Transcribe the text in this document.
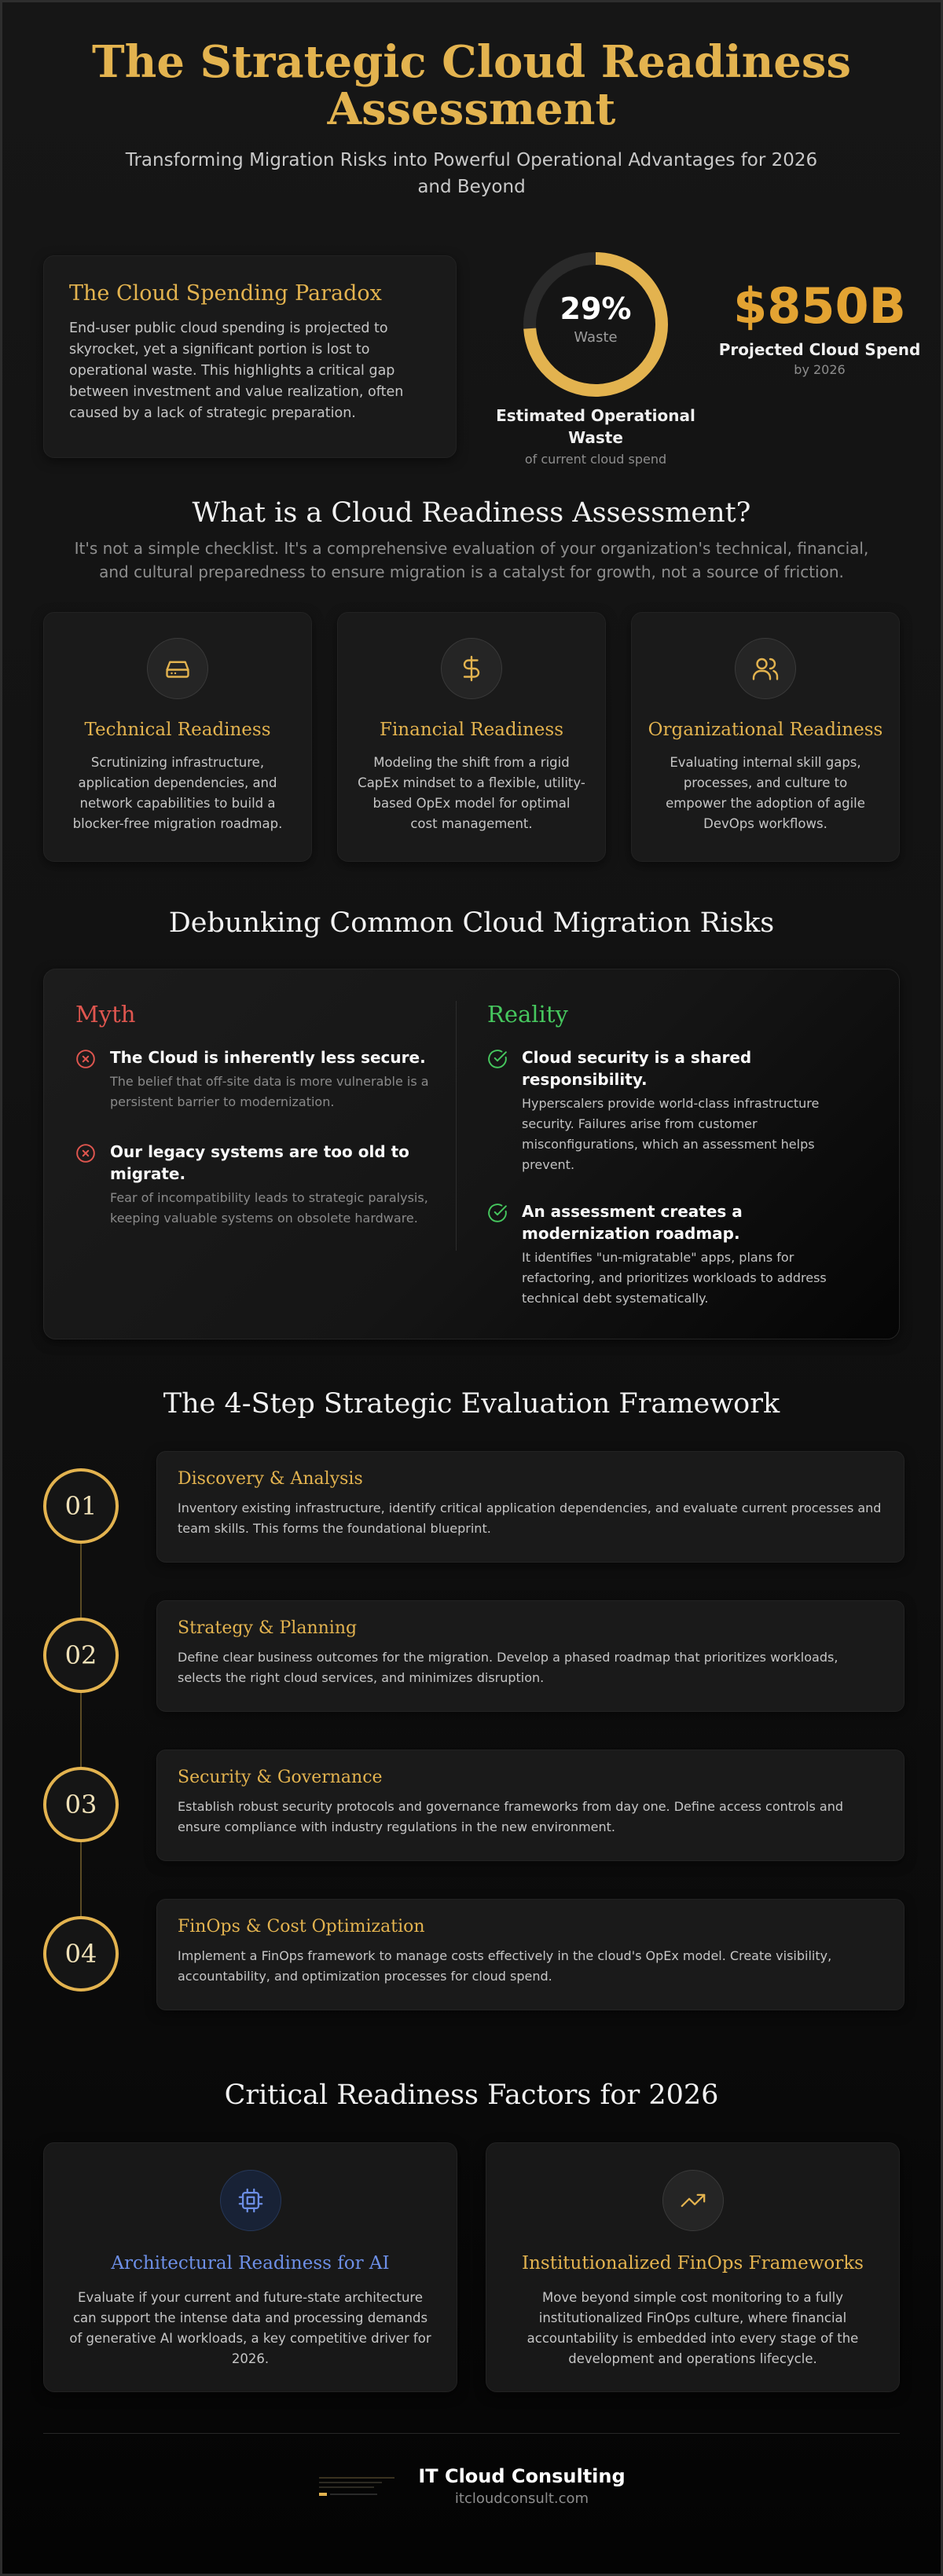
The Strategic Cloud Readiness Assessment

Transforming Migration Risks into Powerful Operational Advantages for 2026 and Beyond

The Cloud Spending Paradox

End-user public cloud spending is projected to skyrocket, yet a significant portion is lost to operational waste. This highlights a critical gap between investment and value realization, often caused by a lack of strategic preparation.

29%
Waste
Estimated Operational Waste
of current cloud spend
$850B
Projected Cloud Spend
by 2026
What is a Cloud Readiness Assessment?

It's not a simple checklist. It's a comprehensive evaluation of your organization's technical, financial, and cultural preparedness to ensure migration is a catalyst for growth, not a source of friction.

Technical Readiness

Scrutinizing infrastructure, application dependencies, and network capabilities to build a blocker-free migration roadmap.

Financial Readiness

Modeling the shift from a rigid CapEx mindset to a flexible, utility-based OpEx model for optimal cost management.

Organizational Readiness

Evaluating internal skill gaps, processes, and culture to empower the adoption of agile DevOps workflows.

Debunking Common Cloud Migration Risks
Myth
The Cloud is inherently less secure.
The belief that off-site data is more vulnerable is a persistent barrier to modernization.
Our legacy systems are too old to migrate.
Fear of incompatibility leads to strategic paralysis, keeping valuable systems on obsolete hardware.
Reality
Cloud security is a shared responsibility.
Hyperscalers provide world-class infrastructure security. Failures arise from customer misconfigurations, which an assessment helps prevent.
An assessment creates a modernization roadmap.
It identifies "un-migratable" apps, plans for refactoring, and prioritizes workloads to address technical debt systematically.
The 4-Step Strategic Evaluation Framework
01
Discovery & Analysis

Inventory existing infrastructure, identify critical application dependencies, and evaluate current processes and team skills. This forms the foundational blueprint.

02
Strategy & Planning

Define clear business outcomes for the migration. Develop a phased roadmap that prioritizes workloads, selects the right cloud services, and minimizes disruption.

03
Security & Governance

Establish robust security protocols and governance frameworks from day one. Define access controls and ensure compliance with industry regulations in the new environment.

04
FinOps & Cost Optimization

Implement a FinOps framework to manage costs effectively in the cloud's OpEx model. Create visibility, accountability, and optimization processes for cloud spend.

Critical Readiness Factors for 2026
Architectural Readiness for AI

Evaluate if your current and future-state architecture can support the intense data and processing demands of generative AI workloads, a key competitive driver for 2026.

Institutionalized FinOps Frameworks

Move beyond simple cost monitoring to a fully institutionalized FinOps culture, where financial accountability is embedded into every stage of the development and operations lifecycle.

IT Cloud Consulting
itcloudconsult.com
